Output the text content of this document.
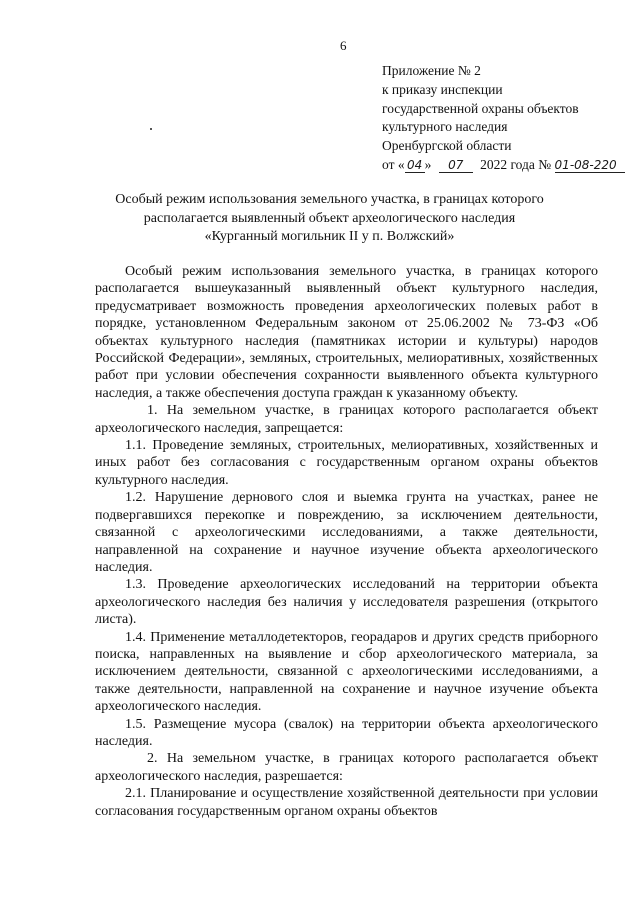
6
Приложение № 2
к приказу инспекции
государственной охраны объектов
культурного наследия
Оренбургской области
от « 04 » 07 2022 года № 01-08-220
Особый режим использования земельного участка, в границах которого
располагается выявленный объект археологического наследия
«Курганный могильник II у п. Волжский»

Особый режим использования земельного участка, в границах которого располагается вышеуказанный выявленный объект культурного наследия, предусматривает возможность проведения археологических полевых работ в порядке, установленном Федеральным законом от 25.06.2002 № 73-ФЗ «Об объектах культурного наследия (памятниках истории и культуры) народов Российской Федерации», земляных, строительных, мелиоративных, хозяйственных работ при условии обеспечения сохранности выявленного объекта культурного наследия, а также обеспечения доступа граждан к указанному объекту.

1. На земельном участке, в границах которого располагается объект археологического наследия, запрещается:

1.1. Проведение земляных, строительных, мелиоративных, хозяйственных и иных работ без согласования с государственным органом охраны объектов культурного наследия.

1.2. Нарушение дернового слоя и выемка грунта на участках, ранее не подвергавшихся перекопке и повреждению, за исключением деятельности, связанной с археологическими исследованиями, а также деятельности, направленной на сохранение и научное изучение объекта археологического наследия.

1.3. Проведение археологических исследований на территории объекта археологического наследия без наличия у исследователя разрешения (открытого листа).

1.4. Применение металлодетекторов, георадаров и других средств приборного поиска, направленных на выявление и сбор археологического материала, за исключением деятельности, связанной с археологическими исследованиями, а также деятельности, направленной на сохранение и научное изучение объекта археологического наследия.

1.5. Размещение мусора (свалок) на территории объекта археологического наследия.

2. На земельном участке, в границах которого располагается объект археологического наследия, разрешается:

2.1. Планирование и осуществление хозяйственной деятельности при условии согласования государственным органом охраны объектов
